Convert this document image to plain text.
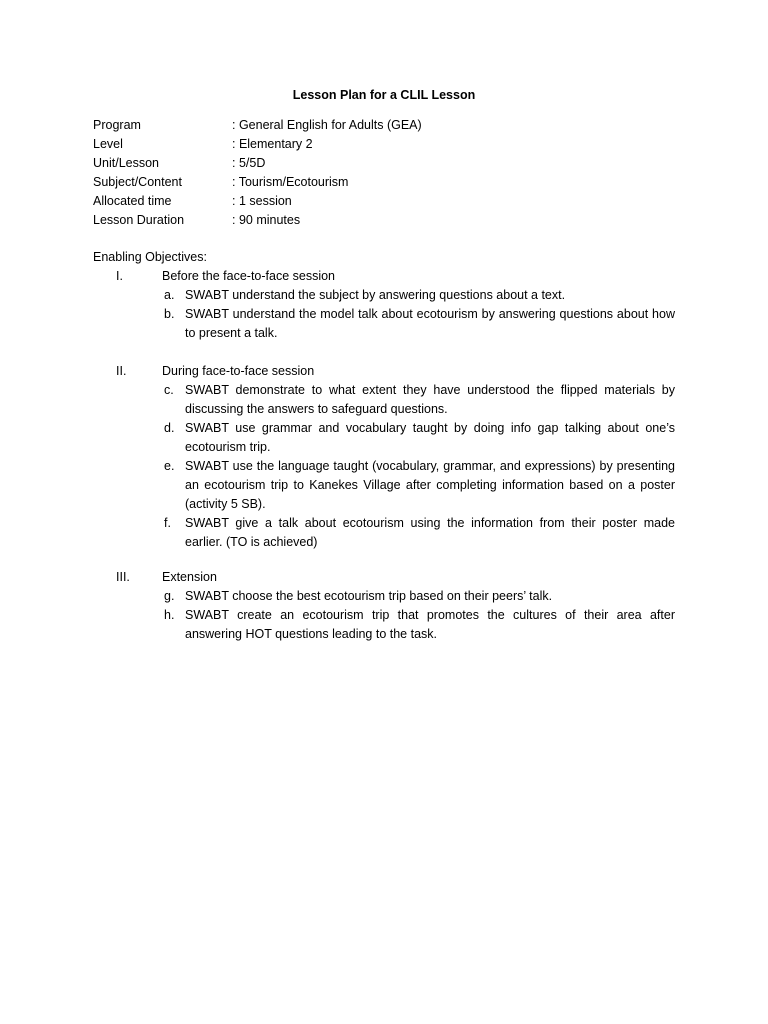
Lesson Plan for a CLIL Lesson
Program	: General English for Adults (GEA)
Level	: Elementary 2
Unit/Lesson	: 5/5D
Subject/Content	: Tourism/Ecotourism
Allocated time	: 1 session
Lesson Duration	: 90 minutes
Enabling Objectives:
I.	Before the face-to-face session
a. SWABT understand the subject by answering questions about a text.
b. SWABT understand the model talk about ecotourism by answering questions about how to present a talk.
II.	During face-to-face session
c. SWABT demonstrate to what extent they have understood the flipped materials by discussing the answers to safeguard questions.
d. SWABT use grammar and vocabulary taught by doing info gap talking about one’s ecotourism trip.
e. SWABT use the language taught (vocabulary, grammar, and expressions) by presenting an ecotourism trip to Kanekes Village after completing information based on a poster (activity 5 SB).
f.	SWABT give a talk about ecotourism using the information from their poster made earlier. (TO is achieved)
III.	Extension
g. SWABT choose the best ecotourism trip based on their peers’ talk.
h. SWABT create an ecotourism trip that promotes the cultures of their area after answering HOT questions leading to the task.
